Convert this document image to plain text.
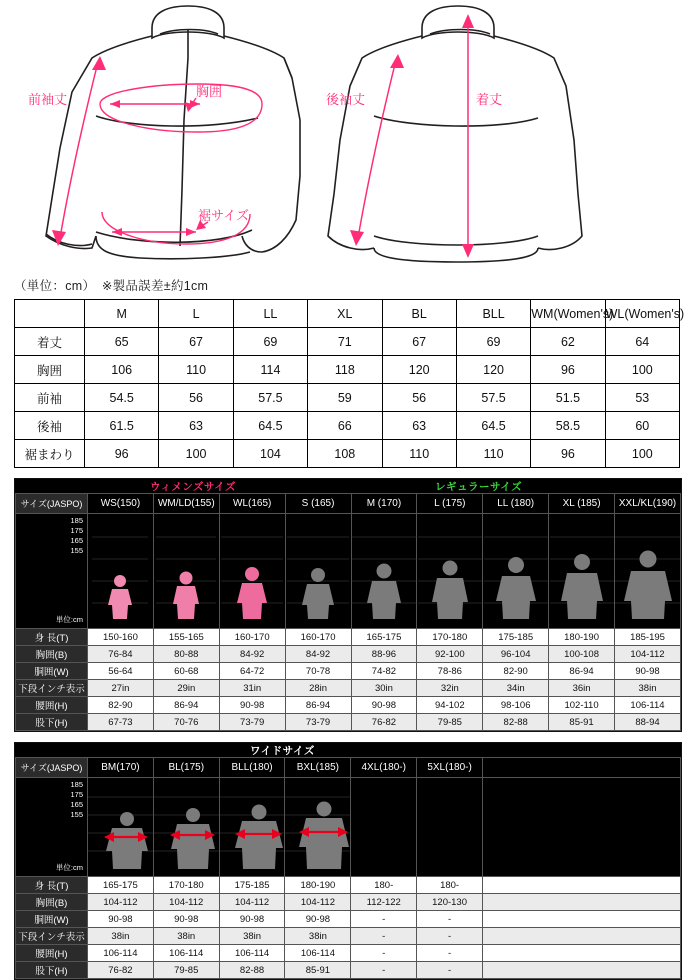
前袖丈
胸囲
裾サイズ
後袖丈	着丈
（単位：cm）　※製品誤差±約1cm
	M	L	LL	XL	BL	BLL	WM(Women's)	WL(Women's)
着丈	65	67	69	71	67	69	62	64
胸囲	106	110	114	118	120	120	96	100
前袖	54.5	56	57.5	59	56	57.5	51.5	53
後袖	61.5	63	64.5	66	63	64.5	58.5	60
裾まわり	96	100	104	108	110	110	96	100
ウィメンズサイズ	レギュラーサイズ
サイズ(JASPO)	WS(150)	WM/LD(155)	WL(165)	S (165)	M (170)	L (175)	LL (180)	XL (185)	XXL/KL(190)

185
175
165
155
単位:cm

身 長(T)	150-160	155-165	160-170	160-170	165-175	170-180	175-185	180-190	185-195
胸囲(B)	76-84	80-88	84-92	84-92	88-96	92-100	96-104	100-108	104-112
胴囲(W)	56-64	60-68	64-72	70-78	74-82	78-86	82-90	86-94	90-98
下段インチ表示	27in	29in	31in	28in	30in	32in	34in	36in	38in
腰囲(H)	82-90	86-94	90-98	86-94	90-98	94-102	98-106	102-110	106-114
股下(H)	67-73	70-76	73-79	73-79	76-82	79-85	82-88	85-91	88-94
ワイドサイズ
サイズ(JASPO)	BM(170)	BL(175)	BLL(180)	BXL(185)	4XL(180-)	5XL(180-)	

185
175
165
155
単位:cm

身 長(T)	165-175	170-180	175-185	180-190	180-	180-	
胸囲(B)	104-112	104-112	104-112	104-112	112-122	120-130	
胴囲(W)	90-98	90-98	90-98	90-98	-	-	
下段インチ表示	38in	38in	38in	38in	-	-	
腰囲(H)	106-114	106-114	106-114	106-114	-	-	
股下(H)	76-82	79-85	82-88	85-91	-	-	
